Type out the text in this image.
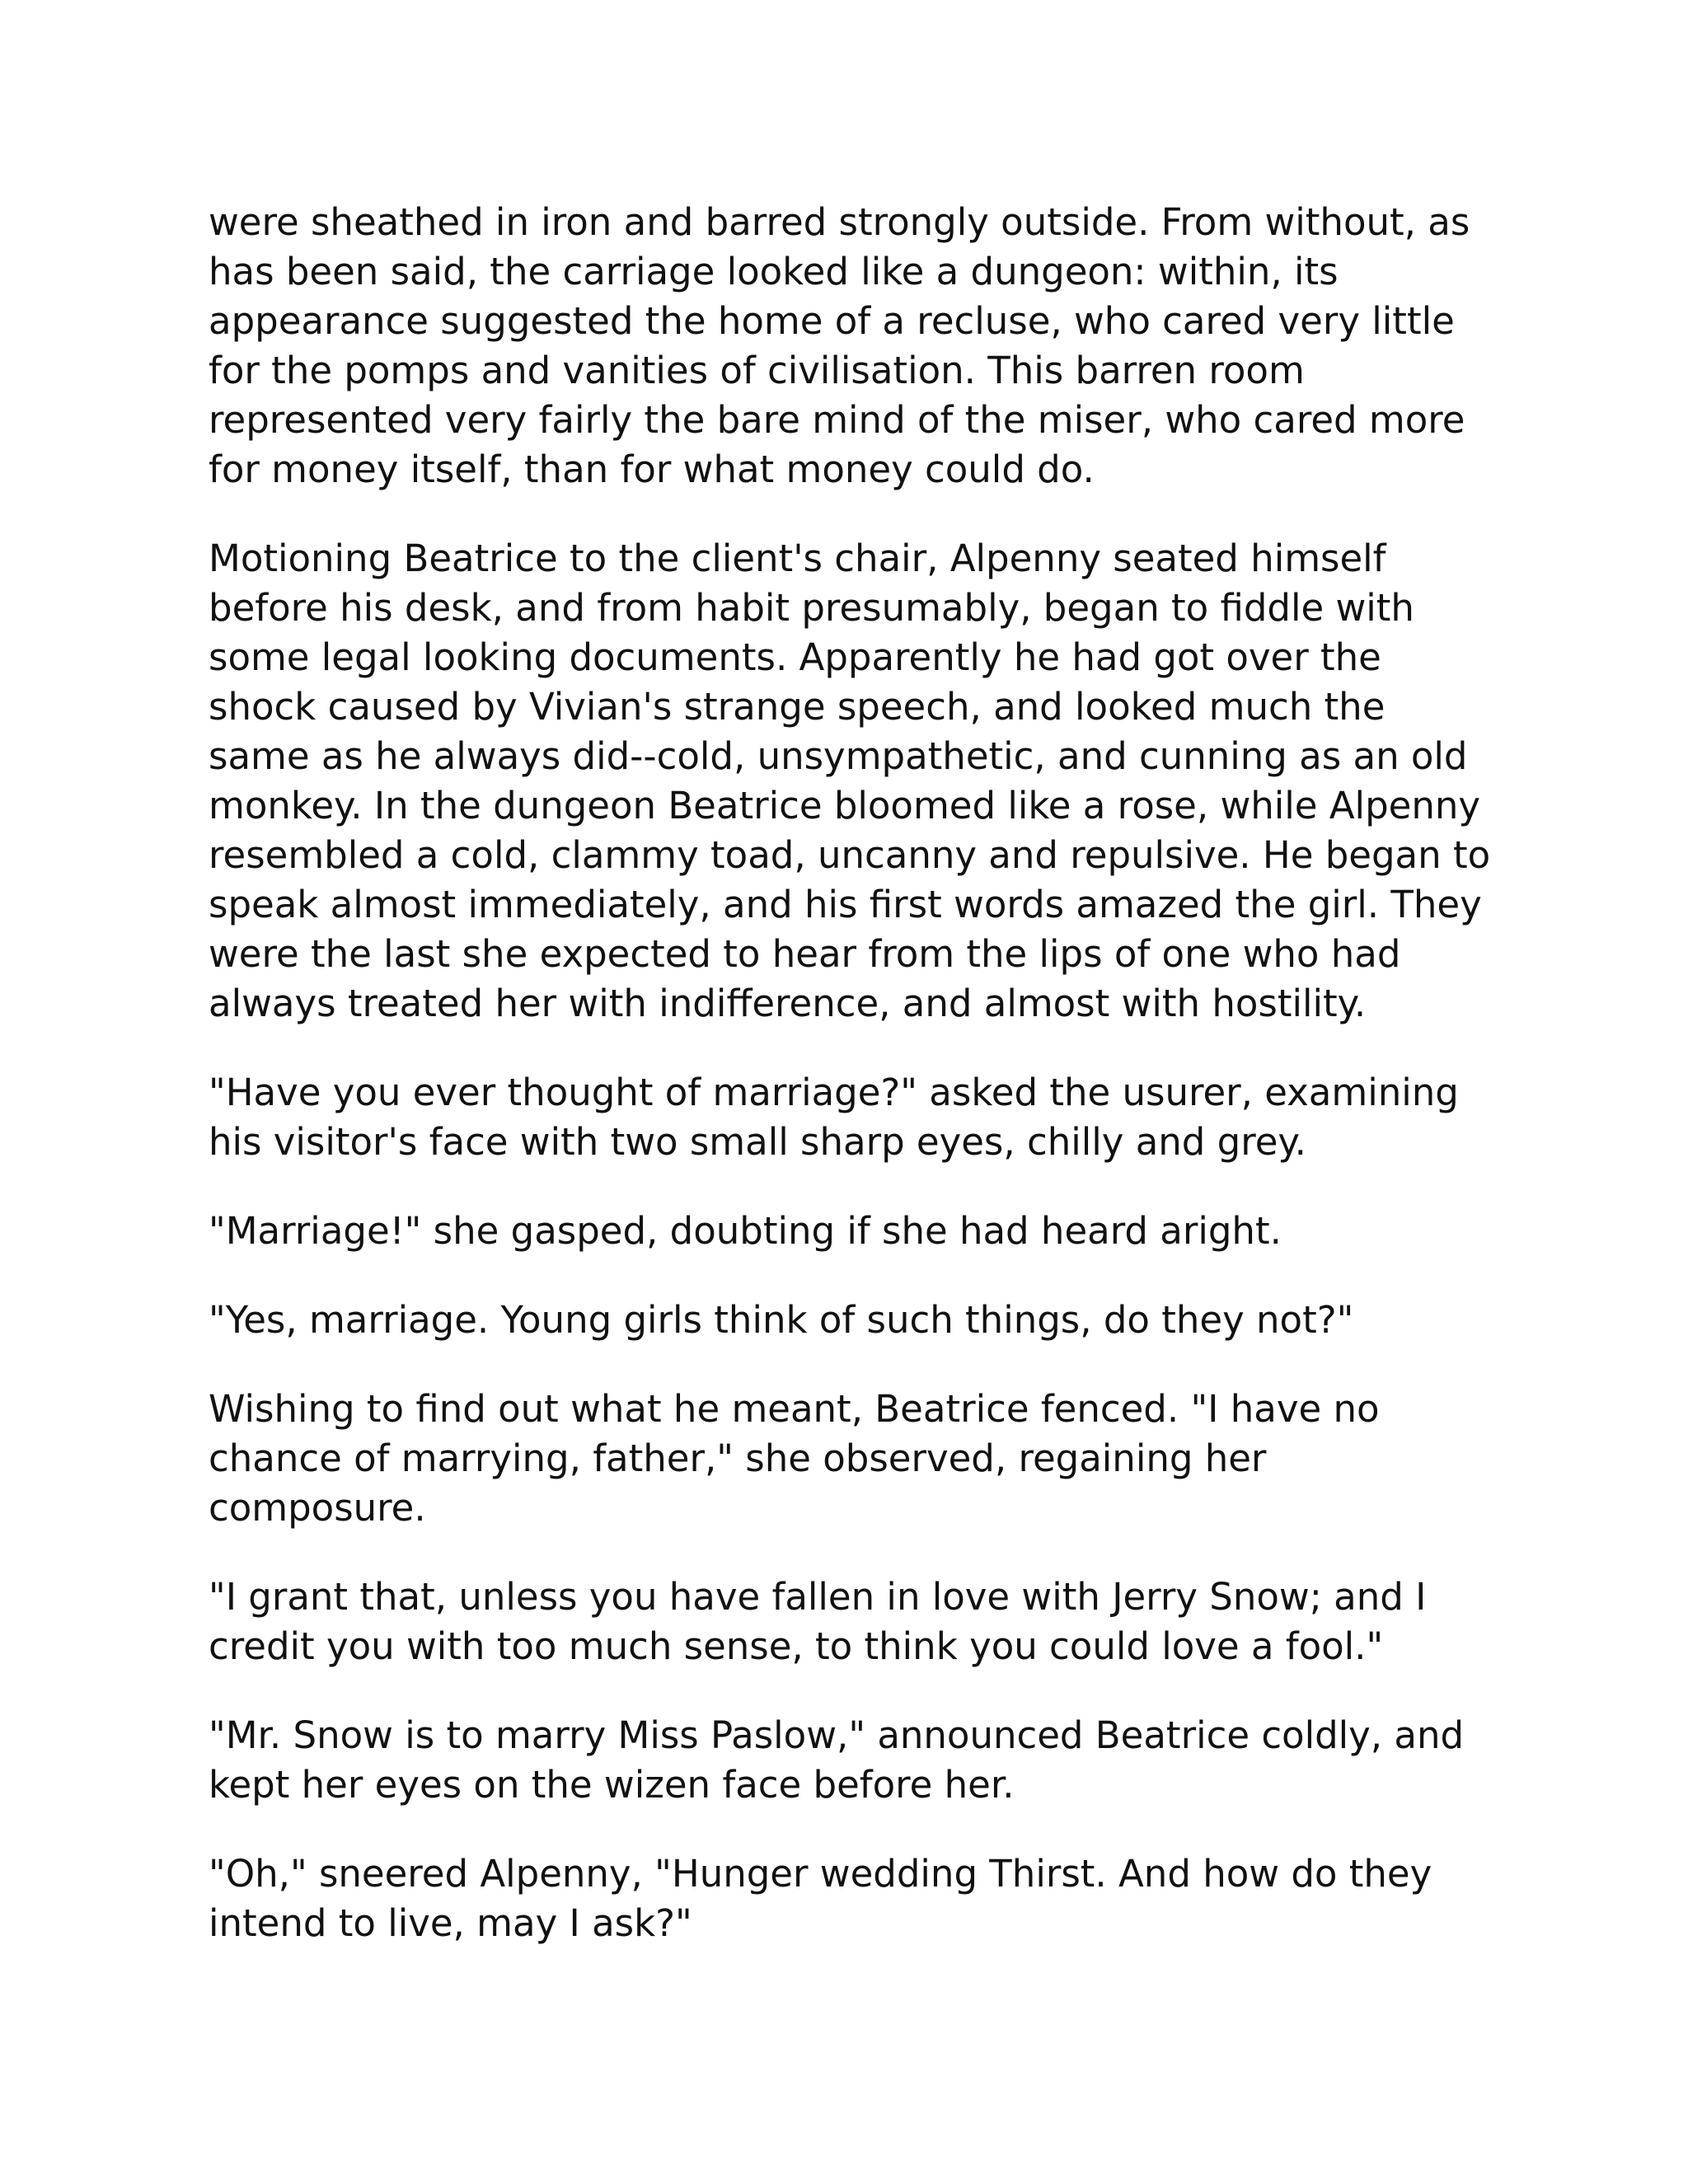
were sheathed in iron and barred strongly outside. From without, as has been said, the carriage looked like a dungeon: within, its appearance suggested the home of a recluse, who cared very little for the pomps and vanities of civilisation. This barren room represented very fairly the bare mind of the miser, who cared more for money itself, than for what money could do.

Motioning Beatrice to the client's chair, Alpenny seated himself before his desk, and from habit presumably, began to fiddle with some legal looking documents. Apparently he had got over the shock caused by Vivian's strange speech, and looked much the same as he always did--cold, unsympathetic, and cunning as an old monkey. In the dungeon Beatrice bloomed like a rose, while Alpenny resembled a cold, clammy toad, uncanny and repulsive. He began to speak almost immediately, and his first words amazed the girl. They were the last she expected to hear from the lips of one who had always treated her with indifference, and almost with hostility.

"Have you ever thought of marriage?" asked the usurer, examining his visitor's face with two small sharp eyes, chilly and grey.

"Marriage!" she gasped, doubting if she had heard aright.

"Yes, marriage. Young girls think of such things, do they not?"

Wishing to find out what he meant, Beatrice fenced. "I have no chance of marrying, father," she observed, regaining her composure.

"I grant that, unless you have fallen in love with Jerry Snow; and I credit you with too much sense, to think you could love a fool."

"Mr. Snow is to marry Miss Paslow," announced Beatrice coldly, and kept her eyes on the wizen face before her.

"Oh," sneered Alpenny, "Hunger wedding Thirst. And how do they intend to live, may I ask?"
